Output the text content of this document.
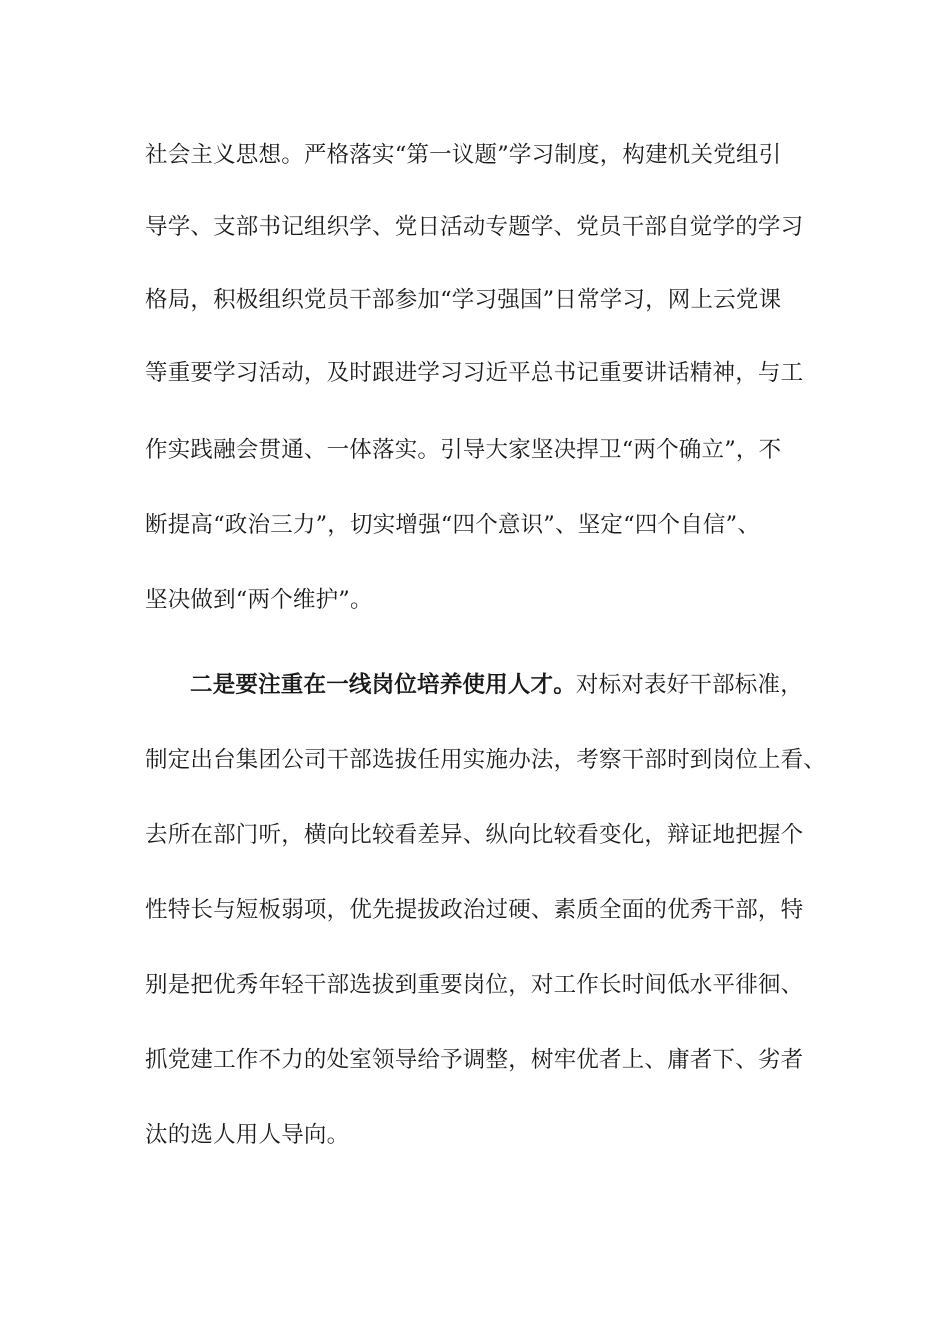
社会主义思想。严格落实“第一议题”学习制度，构建机关党组引
导学、支部书记组织学、党日活动专题学、党员干部自觉学的学习
格局，积极组织党员干部参加“学习强国”日常学习，网上云党课
等重要学习活动，及时跟进学习习近平总书记重要讲话精神，与工
作实践融会贯通、一体落实。引导大家坚决捍卫“两个确立”，不
断提高“政治三力”，切实增强“四个意识”、坚定“四个自信”、
坚决做到“两个维护”。
二是要注重在一线岗位培养使用人才。对标对表好干部标准，
制定出台集团公司干部选拔任用实施办法，考察干部时到岗位上看、
去所在部门听，横向比较看差异、纵向比较看变化，辩证地把握个
性特长与短板弱项，优先提拔政治过硬、素质全面的优秀干部，特
别是把优秀年轻干部选拔到重要岗位，对工作长时间低水平徘徊、
抓党建工作不力的处室领导给予调整，树牢优者上、庸者下、劣者
汰的选人用人导向。
